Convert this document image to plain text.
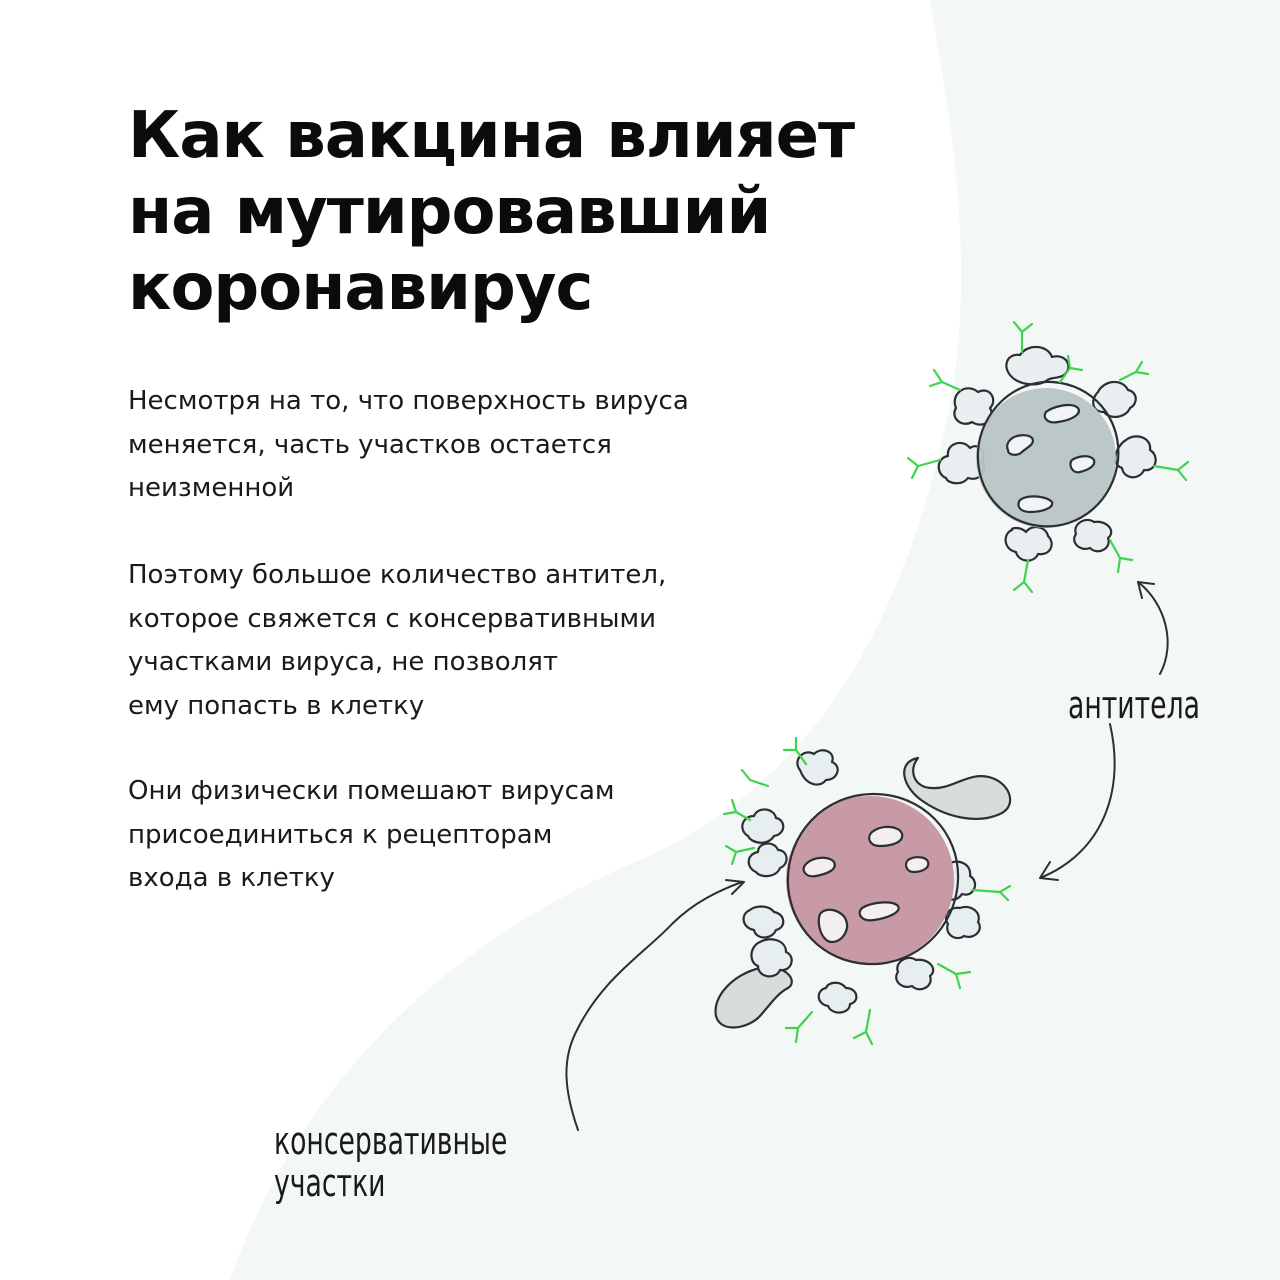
Как вакцина влияет
на мутировавший
коронавирус
Несмотря на то, что поверхность вируса
меняется, часть участков остается
неизменной
Поэтому большое количество антител,
которое свяжется с консервативными
участками вируса, не позволят
ему попасть в клетку
Они физически помешают вирусам
присоединиться к рецепторам
входа в клетку
антитела
консервативные
участки
